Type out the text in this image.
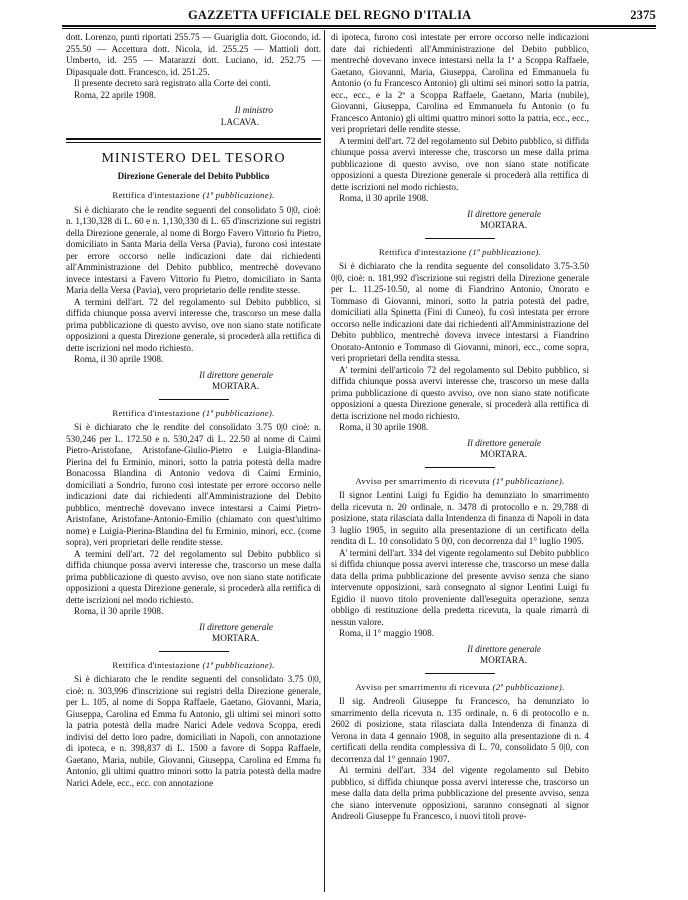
GAZZETTA UFFICIALE DEL REGNO D'ITALIA	2375

dott. Lorenzo, punti riportati 255.75 — Guariglia dott. Giocondo, id. 255.50 — Accettura dott. Nicola, id. 255.25 — Mattioli dott. Umberto, id. 255 — Matarazzi dott. Luciano, id. 252.75 — Dipasquale dott. Francesco, id. 251.25.

Il presente decreto sarà registrato alla Corte dei conti.

Roma, 22 aprile 1908.

Il ministro

LACAVA.

MINISTERO DEL TESORO
Direzione Generale del Debito Pubblico
Rettifica d'intestazione (1ª pubblicazione).

Si è dichiarato che le rendite seguenti del consolidato 5 0|0, cioè: n. 1,130,328 di L. 60 e n. 1,130,330 di L. 65 d'inscrizione sui registri della Direzione generale, al nome di Borgo Favero Vittorio fu Pietro, domiciliato in Santa Maria della Versa (Pavia), furono così intestate per errore occorso nelle indicazioni date dai richiedenti all'Amministrazione del Debito pubblico, mentrechè dovevano invece intestarsi a Favero Vittorio fu Pietro, domiciliato in Santa Maria della Versa (Pavia), vero proprietario delle rendite stesse.

A termini dell'art. 72 del regolamento sul Debito pubblico, si diffida chiunque possa avervi interesse che, trascorso un mese dalla prima pubblicazione di questo avviso, ove non siano state notificate opposizioni a questa Direzione generale, si procederà alla rettifica di dette iscrizioni nel modo richiesto.

Roma, il 30 aprile 1908.

Il direttore generale

MORTARA.

Rettifica d'intestazione (1ª pubblicazione).

Si è dichiarato che le rendite del consolidato 3.75 0|0 cioè: n. 530,246 per L. 172.50 e n. 530,247 di L. 22.50 al nome di Caimi Pietro-Aristofane, Aristofane-Giulio-Pietro e Luigia-Blandina-Pierina del fu Erminio, minori, sotto la patria potestà della madre Bonacossa Blandina di Antonio vedova di Caimi Erminio, domiciliati a Sondrio, furono così intestate per errore occorso nelle indicazioni date dai richiedenti all'Amministrazione del Debito pubblico, mentrechè dovevano invece intestarsi a Caimi Pietro-Aristofane, Aristofane-Antonio-Emilio (chiamato con quest'ultimo nome) e Luigia-Pierina-Blandina del fu Erminio, minori, ecc. (come sopra), veri proprietari delle rendite stesse.

A termini dell'art. 72 del regolamento sul Debito pubblico si diffida chiunque possa avervi interesse che, trascorso un mese dalla prima pubblicazione di questo avviso, ove non siano state notificate opposizioni a questa Direzione generale, si procederà alla rettifica di dette iscrizioni nel modo richiesto.

Roma, il 30 aprile 1908.

Il direttore generale

MORTARA.

Rettifica d'intestazione (1ª pubblicazione).

Si è dichiarato che le rendite seguenti del consolidato 3.75 0|0, cioè: n. 303,996 d'inscrizione sui registri della Direzione generale, per L. 105, al nome di Soppa Raffaele, Gaetano, Giovanni, Maria, Giuseppa, Carolina ed Emma fu Antonio, gli ultimi sei minori sotto la patria potestà della madre Narici Adele vedova Scoppa, eredi indivisi del detto loro padre, domiciliati in Napoli, con annotazione di ipoteca, e n. 398,837 di L. 1500 a favore di Soppa Raffaele, Gaetano, Maria, nubile, Giovanni, Giuseppa, Carolina ed Emma fu Antonio, gli ultimi quattro minori sotto la patria potestà della madre Narici Adele, ecc., ecc. con annotazione

di ipoteca, furono così intestate per errore occorso nelle indicazioni date dai richiedenti all'Amministrazione del Debito pubblico, mentrechè dovevano invece intestarsi nella la 1ª a Scoppa Raffaele, Gaetano, Giovanni, Maria, Giuseppa, Carolina ed Emmanuela fu Antonio (o fu Francesco Antonio) gli ultimi sei minori sotto la patria, ecc., ecc., e la 2ª a Scoppa Raffaele, Gaetano, Maria (nubile), Giovanni, Giuseppa, Carolina ed Emmanuela fu Antonio (o fu Francesco Antonio) gli ultimi quattro minori sotto la patria, ecc., ecc., veri proprietari delle rendite stesse.

A termini dell'art. 72 del regolamento sul Debito pubblico, si diffida chiunque possa avervi interesse che, trascorso un mese dalla prima pubblicazione di questo avviso, ove non siano state notificate opposizioni a questa Direzione generale si procederà alla rettifica di dette iscrizioni nel modo richiesto.

Roma, il 30 aprile 1908.

Il direttore generale

MORTARA.

Rettifica d'intestazione (1ª pubblicazione).

Si è dichiarato che la rendita seguente del consolidato 3.75-3.50 0|0, cioè: n. 181,992 d'iscrizione sui registri della Direzione generale per L. 11.25-10.50, al nome di Fiandrino Antonio, Onorato e Tommaso di Giovanni, minori, sotto la patria potestà del padre, domiciliati alla Spinetta (Fini di Cuneo), fu così intestata per errore occorso nelle indicazioni date dai richiedenti all'Amministrazione del Debito pubblico, mentrechè doveva invece intestarsi a Fiandrino Onorato-Antonio e Tommaso di Giovanni, minori, ecc., come sopra, veri proprietari della rendita stessa.

A' termini dell'articolo 72 del regolamento sul Debito pubblico, si diffida chiunque possa avervi interesse che, trascorso un mese dalla prima pubblicazione di questo avviso, ove non siano state notificate opposizioni a questa Direzione generale, si procederà alla rettifica di detta iscrizione nel modo richiesto.

Roma, il 30 aprile 1908.

Il direttore generale

MORTARA.

Avviso per smarrimento di ricevuta (1ª pubblicazione).

Il signor Lentini Luigi fu Egidio ha denunziato lo smarrimento della ricevuta n. 20 ordinale, n. 3478 di protocollo e n. 29,788 di posizione, stata rilasciata dalla Intendenza di finanza di Napoli in data 3 luglio 1905, in seguito alla presentazione di un certificato della rendita di L. 10 consolidato 5 0|0, con decorrenza dal 1° luglio 1905.

A' termini dell'art. 334 del vigente regolamento sul Debito pubblico si diffida chiunque possa avervi interesse che, trascorso un mese dalla data della prima pubblicazione del presente avviso senza che siano intervenute opposizioni, sarà consegnato al signor Lentini Luigi fu Egidio il nuovo titolo proveniente dall'eseguita operazione, senza obbligo di restituzione della predetta ricevuta, la quale rimarrà di nessun valore.

Roma, il 1° maggio 1908.

Il direttore generale

MORTARA.

Avviso per smarrimento di ricevuta (2ª pubblicazione).

Il sig. Andreoli Giuseppe fu Francesco, ha denunziato lo smarrimento della ricevuta n. 135 ordinale, n. 6 di protocollo e n. 2602 di posizione, stata rilasciata dalla Intendenza di finanza di Verona in data 4 gennaio 1908, in seguito alla presentazione di n. 4 certificati della rendita complessiva di L. 70, consolidato 5 0|0, con decorrenza dal 1° gennaio 1907.

Ai termini dell'art. 334 del vigente regolamento sul Debito pubblico, si diffida chiunque possa avervi interesse che, trascorso un mese dalla data della prima pubblicazione del presente avviso, senza che siano intervenute opposizioni, saranno consegnati al signor Andreoli Giuseppe fu Francesco, i nuovi titoli prove-
